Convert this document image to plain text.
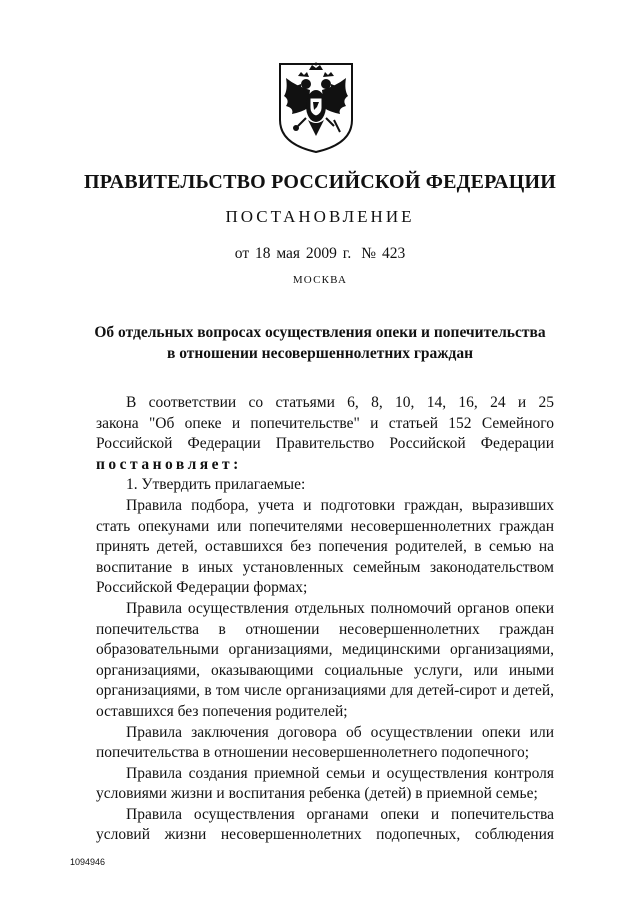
ПРАВИТЕЛЬСТВО РОССИЙСКОЙ ФЕДЕРАЦИИ
ПОСТАНОВЛЕНИЕ
от 18 мая 2009 г. № 423
МОСКВА
Об отдельных вопросах осуществления опеки и попечительства
в отношении несовершеннолетних граждан
В соответствии со статьями 6, 8, 10, 14, 16, 24 и 25
закона "Об опеке и попечительстве" и статьей 152 Семейного
Российской Федерации Правительство Российской Федерации
постановляет:
1. Утвердить прилагаемые:
Правила подбора, учета и подготовки граждан, выразивших
стать опекунами или попечителями несовершеннолетних граждан
принять детей, оставшихся без попечения родителей, в семью на
воспитание в иных установленных семейным законодательством
Российской Федерации формах;
Правила осуществления отдельных полномочий органов опеки
попечительства в отношении несовершеннолетних граждан
образовательными организациями, медицинскими организациями,
организациями, оказывающими социальные услуги, или иными
организациями, в том числе организациями для детей-сирот и детей,
оставшихся без попечения родителей;
Правила заключения договора об осуществлении опеки или
попечительства в отношении несовершеннолетнего подопечного;
Правила создания приемной семьи и осуществления контроля
условиями жизни и воспитания ребенка (детей) в приемной семье;
Правила осуществления органами опеки и попечительства
условий жизни несовершеннолетних подопечных, соблюдения
1094946
